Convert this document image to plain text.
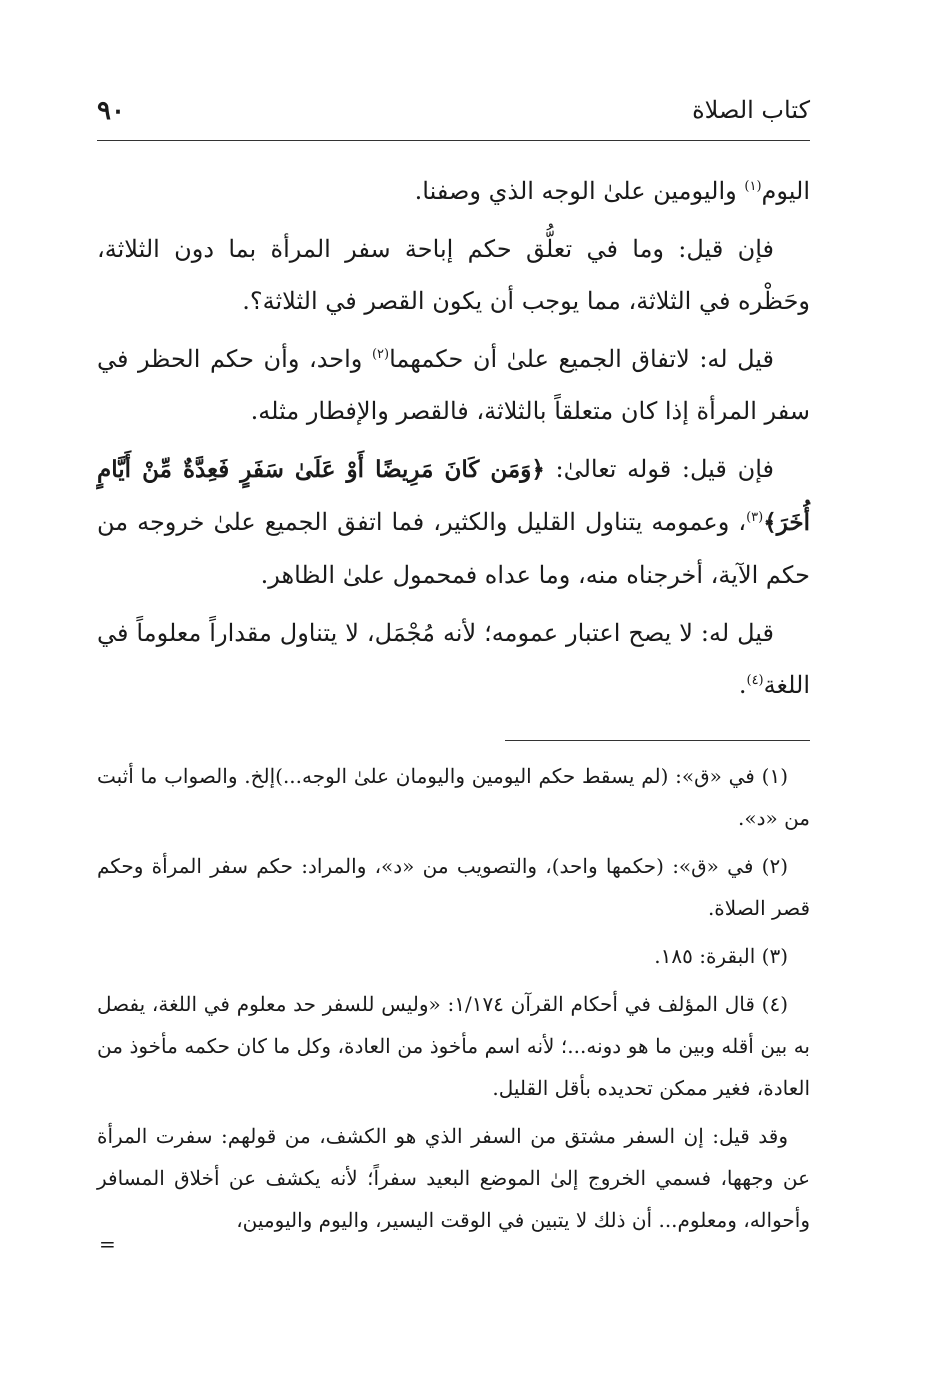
كتاب الصلاة
٩٠

اليوم$^{(١)}$ واليومين علىٰ الوجه الذي وصفنا.

فإن قيل: وما في تعلُّق حكم إباحة سفر المرأة بما دون الثلاثة، وحَظْره في الثلاثة، مما يوجب أن يكون القصر في الثلاثة؟.

قيل له: لاتفاق الجميع علىٰ أن حكمهما$^{(٢)}$ واحد، وأن حكم الحظر في سفر المرأة إذا كان متعلقاً بالثلاثة، فالقصر والإفطار مثله.

فإن قيل: قوله تعالىٰ: ﴿وَمَن كَانَ مَرِيضًا أَوْ عَلَىٰ سَفَرٍ فَعِدَّةٌ مِّنْ أَيَّامٍ أُخَرَ﴾$^{(٣)}$، وعمومه يتناول القليل والكثير، فما اتفق الجميع علىٰ خروجه من حكم الآية، أخرجناه منه، وما عداه فمحمول علىٰ الظاهر.

قيل له: لا يصح اعتبار عمومه؛ لأنه مُجْمَل، لا يتناول مقداراً معلوماً في اللغة$^{(٤)}$.

(١) في «ق»: (لم يسقط حكم اليومين واليومان علىٰ الوجه...)إلخ. والصواب ما أثبت من «د».

(٢) في «ق»: (حكمها واحد)، والتصويب من «د»، والمراد: حكم سفر المرأة وحكم قصر الصلاة.

(٣) البقرة: ١٨٥.

(٤) قال المؤلف في أحكام القرآن ١/١٧٤: «وليس للسفر حد معلوم في اللغة، يفصل به بين أقله وبين ما هو دونه...؛ لأنه اسم مأخوذ من العادة، وكل ما كان حكمه مأخوذ من العادة، فغير ممكن تحديده بأقل القليل.

وقد قيل: إن السفر مشتق من السفر الذي هو الكشف، من قولهم: سفرت المرأة عن وجهها، فسمي الخروج إلىٰ الموضع البعيد سفراً؛ لأنه يكشف عن أخلاق المسافر وأحواله، ومعلوم... أن ذلك لا يتبين في الوقت اليسير، واليوم واليومين،

=
